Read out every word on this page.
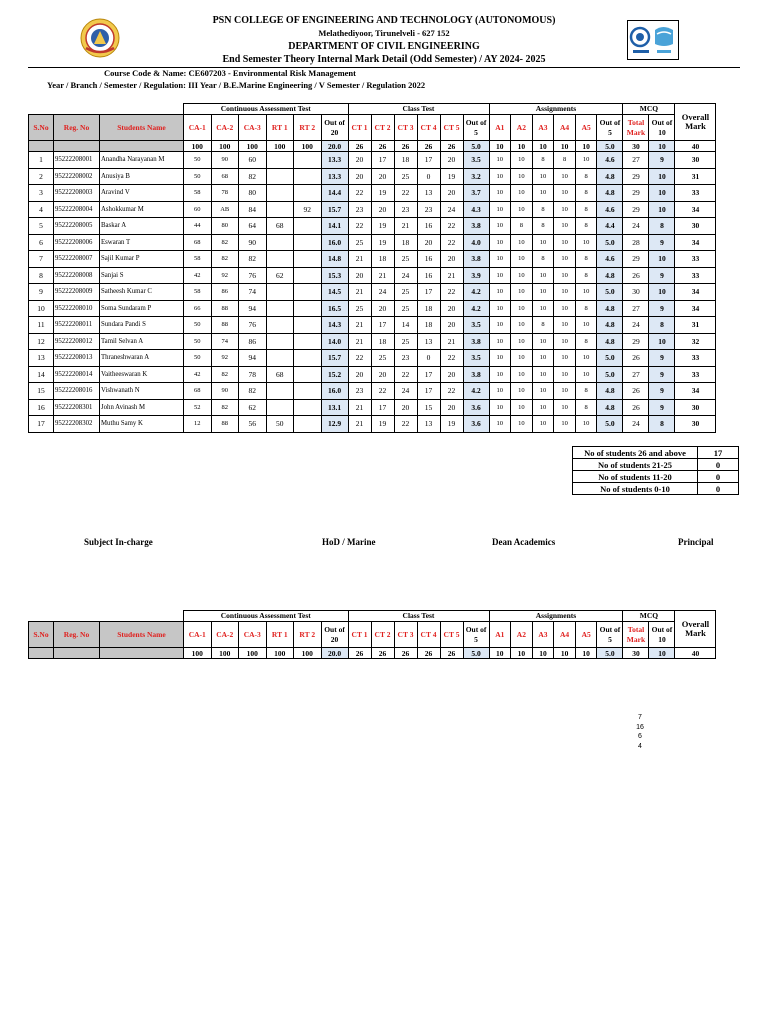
PSN COLLEGE OF ENGINEERING AND TECHNOLOGY (AUTONOMOUS)
Melathediyoor, Tirunelveli - 627 152
DEPARTMENT OF CIVIL ENGINEERING
End Semester Theory Internal Mark Detail (Odd Semester) / AY 2024- 2025
Course Code & Name: CE607203 - Environmental Risk Management
Year / Branch / Semester / Regulation: III Year / B.E.Marine Engineering / V Semester / Regulation 2022
			Continuous Assessment Test						Class Test						Assignments						MCQ		Overall Mark
S.No	Reg. No	Students Name	CA-1	CA-2	CA-3	RT 1	RT 2	Out of 20	CT 1	CT 2	CT 3	CT 4	CT 5	Out of 5	A1	A2	A3	A4	A5	Out of 5	Total Mark	Out of 10	
			100	100	100	100	100	20.0	26	26	26	26	26	5.0	10	10	10	10	10	5.0	30	10	40
1	95222208001	Anandha Narayanan M	50	90	60			13.3	20	17	18	17	20	3.5	10	10	8	8	10	4.6	27	9	30
2	95222208002	Anusiya B	50	68	82			13.3	20	20	25	0	19	3.2	10	10	10	10	8	4.8	29	10	31
3	95222208003	Aravind V	58	78	80			14.4	22	19	22	13	20	3.7	10	10	10	10	8	4.8	29	10	33
4	95222208004	Ashokkumar M	60	AB	84		92	15.7	23	20	23	23	24	4.3	10	10	8	10	8	4.6	29	10	34
5	95222208005	Baskar A	44	80	64	68		14.1	22	19	21	16	22	3.8	10	8	8	10	8	4.4	24	8	30
6	95222208006	Eswaran T	68	82	90			16.0	25	19	18	20	22	4.0	10	10	10	10	10	5.0	28	9	34
7	95222208007	Sajil Kumar P	58	82	82			14.8	21	18	25	16	20	3.8	10	10	8	10	8	4.6	29	10	33
8	95222208008	Sanjai S	42	92	76	62		15.3	20	21	24	16	21	3.9	10	10	10	10	8	4.8	26	9	33
9	95222208009	Satheesh Kumar C	58	86	74			14.5	21	24	25	17	22	4.2	10	10	10	10	10	5.0	30	10	34
10	95222208010	Soma Sundaram P	66	88	94			16.5	25	20	25	18	20	4.2	10	10	10	10	8	4.8	27	9	34
11	95222208011	Sundara Pandi S	50	88	76			14.3	21	17	14	18	20	3.5	10	10	8	10	10	4.8	24	8	31
12	95222208012	Tamil Selvan A	50	74	86			14.0	21	18	25	13	21	3.8	10	10	10	10	8	4.8	29	10	32
13	95222208013	Thraneshwaran A	50	92	94			15.7	22	25	23	0	22	3.5	10	10	10	10	10	5.0	26	9	33
14	95222208014	Vaitheeswaran K	42	82	78	68		15.2	20	20	22	17	20	3.8	10	10	10	10	10	5.0	27	9	33
15	95222208016	Vishwanath N	68	90	82			16.0	23	22	24	17	22	4.2	10	10	10	10	8	4.8	26	9	34
16	95222208301	John Avinash M	52	82	62			13.1	21	17	20	15	20	3.6	10	10	10	10	8	4.8	26	9	30
17	95222208302	Muthu Samy K	12	88	56	50		12.9	21	19	22	13	19	3.6	10	10	10	10	10	5.0	24	8	30
No of students 26 and above	17
No of students 21-25	0
No of students 11-20	0
No of students 0-10	0
Subject In-charge	HoD / Marine	Dean Academics	Principal
			Continuous Assessment Test						Class Test						Assignments						MCQ		Overall Mark
S.No	Reg. No	Students Name	CA-1	CA-2	CA-3	RT 1	RT 2	Out of 20	CT 1	CT 2	CT 3	CT 4	CT 5	Out of 5	A1	A2	A3	A4	A5	Out of 5	Total Mark	Out of 10	
			100	100	100	100	100	20.0	26	26	26	26	26	5.0	10	10	10	10	10	5.0	30	10	40
7
16
6
4
